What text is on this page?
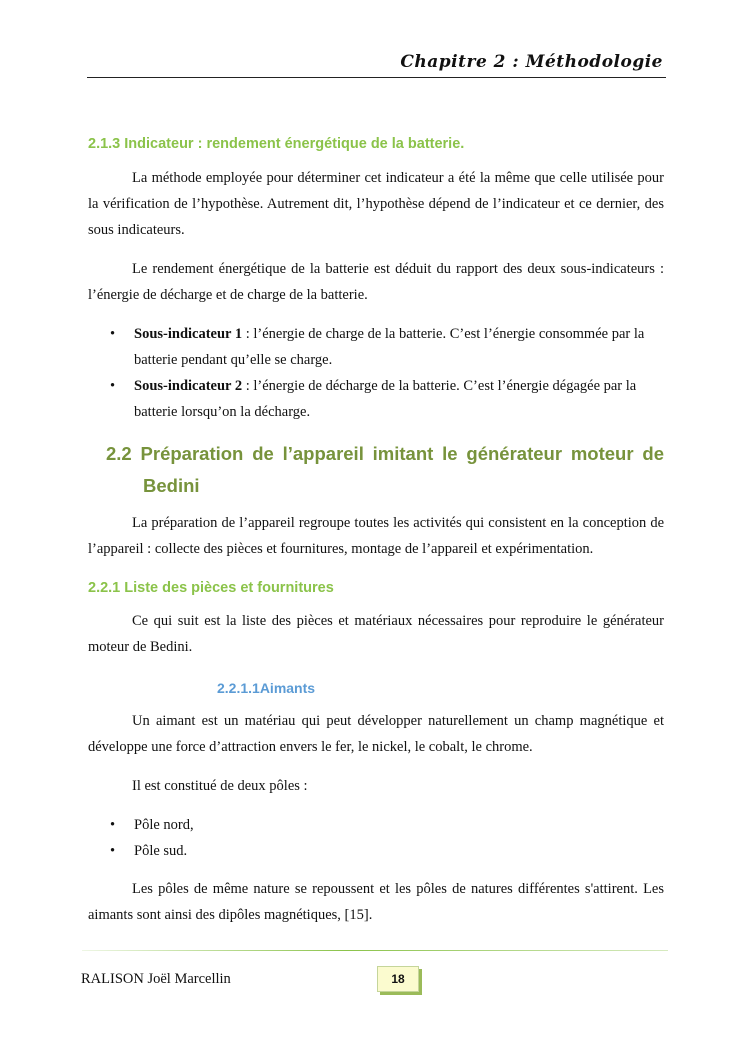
Chapitre 2 : Méthodologie
2.1.3 Indicateur : rendement énergétique de la batterie.

La méthode employée pour déterminer cet indicateur a été la même que celle utilisée pour la vérification de l’hypothèse. Autrement dit, l’hypothèse dépend de l’indicateur et ce dernier, des sous indicateurs.

Le rendement énergétique de la batterie est déduit du rapport des deux sous-indicateurs : l’énergie de décharge et de charge de la batterie.

• Sous-indicateur 1 : l’énergie de charge de la batterie. C’est l’énergie consommée par la batterie pendant qu’elle se charge.
• Sous-indicateur 2 : l’énergie de décharge de la batterie. C’est l’énergie dégagée par la batterie lorsqu’on la décharge.
2.2 Préparation de l’appareil imitant le générateur moteur de
Bedini

La préparation de l’appareil regroupe toutes les activités qui consistent en la conception de l’appareil : collecte des pièces et fournitures, montage de l’appareil et expérimentation.

2.2.1 Liste des pièces et fournitures

Ce qui suit est la liste des pièces et matériaux nécessaires pour reproduire le générateur moteur de Bedini.

2.2.1.1Aimants

Un aimant est un matériau qui peut développer naturellement un champ magnétique et développe une force d’attraction envers le fer, le nickel, le cobalt, le chrome.

Il est constitué de deux pôles :

• Pôle nord,
• Pôle sud.

Les pôles de même nature se repoussent et les pôles de natures différentes s'attirent. Les aimants sont ainsi des dipôles magnétiques, [15].

RALISON Joël Marcellin	18
